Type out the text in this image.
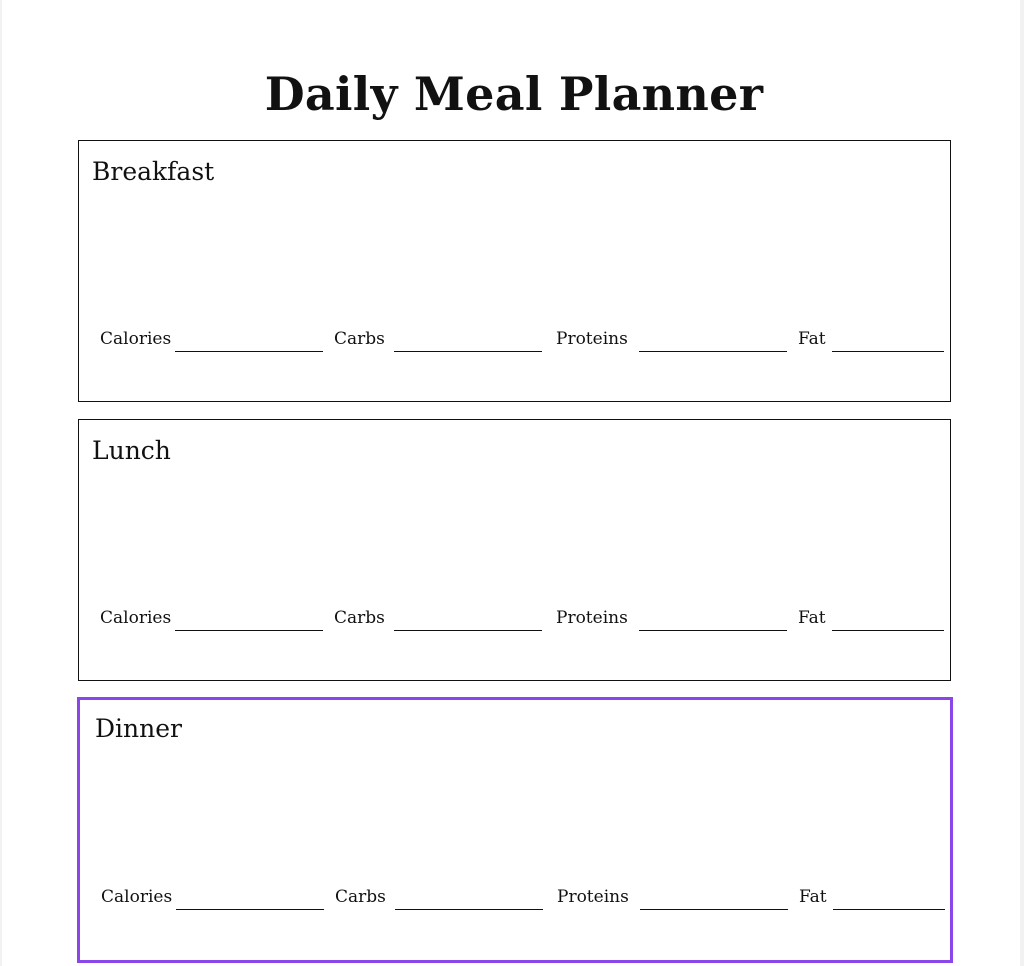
Daily Meal Planner
Breakfast
Calories	Carbs	Proteins	Fat
Lunch
Calories	Carbs	Proteins	Fat
Dinner
Calories	Carbs	Proteins	Fat
